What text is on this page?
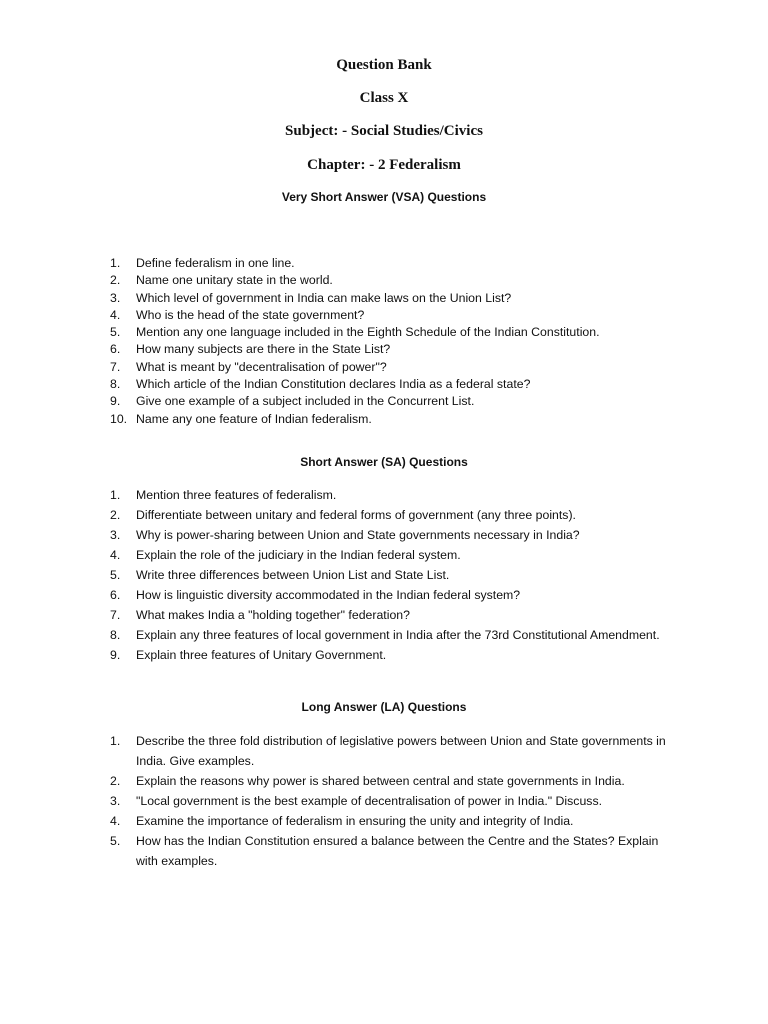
Question Bank
Class X
Subject: - Social Studies/Civics
Chapter: - 2 Federalism
Very Short Answer (VSA) Questions
1.	Define federalism in one line.
2.	Name one unitary state in the world.
3.	Which level of government in India can make laws on the Union List?
4.	Who is the head of the state government?
5.	Mention any one language included in the Eighth Schedule of the Indian Constitution.
6.	How many subjects are there in the State List?
7.	What is meant by "decentralisation of power"?
8.	Which article of the Indian Constitution declares India as a federal state?
9.	Give one example of a subject included in the Concurrent List.
10. Name any one feature of Indian federalism.
Short Answer (SA) Questions
1.	Mention three features of federalism.
2.	Differentiate between unitary and federal forms of government (any three points).
3.	Why is power-sharing between Union and State governments necessary in India?
4.	Explain the role of the judiciary in the Indian federal system.
5.	Write three differences between Union List and State List.
6.	How is linguistic diversity accommodated in the Indian federal system?
7.	What makes India a "holding together" federation?
8.	Explain any three features of local government in India after the 73rd Constitutional Amendment.
9.	Explain three features of Unitary Government.
Long Answer (LA) Questions
1.	Describe the three fold distribution of legislative powers between Union and State governments in India. Give examples.
2.	Explain the reasons why power is shared between central and state governments in India.
3.	"Local government is the best example of decentralisation of power in India." Discuss.
4.	Examine the importance of federalism in ensuring the unity and integrity of India.
5.	How has the Indian Constitution ensured a balance between the Centre and the States? Explain with examples.
